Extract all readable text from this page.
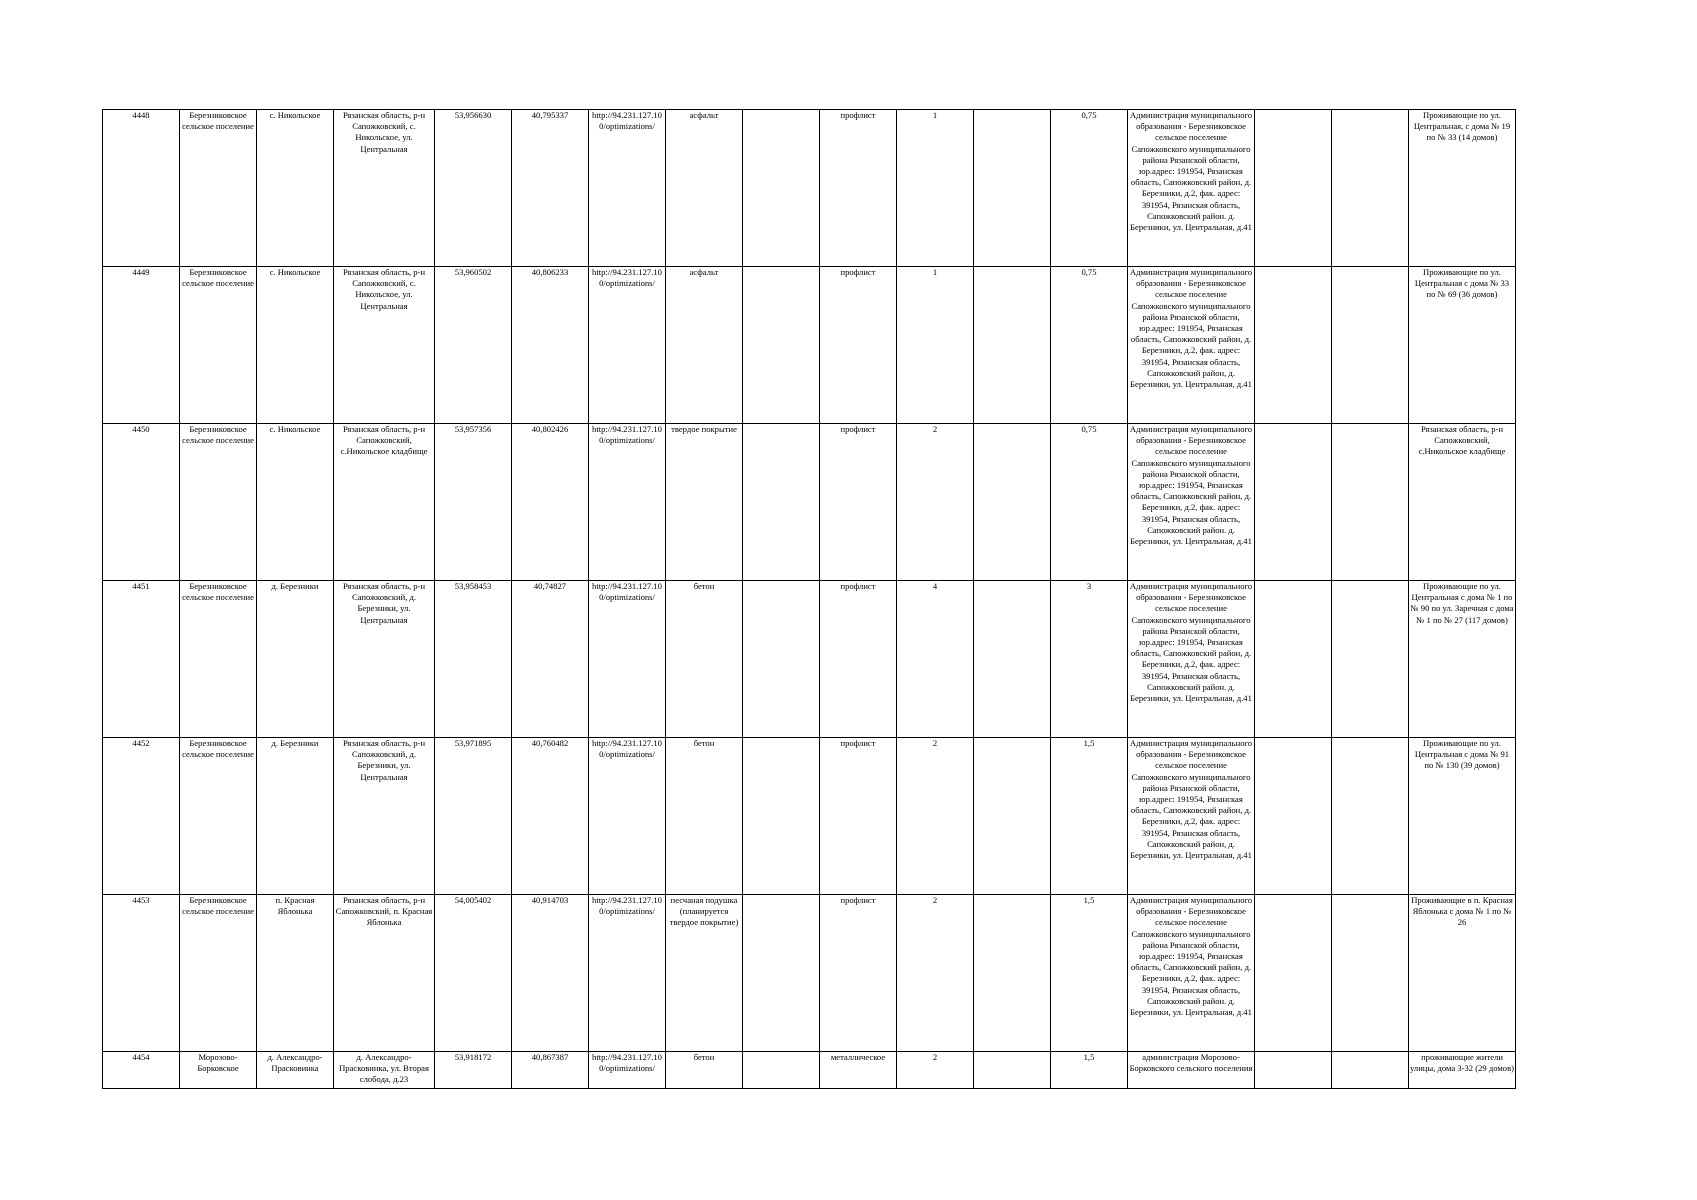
4448	Березниковское сельское поселение	с. Никольское	Рязанская область, р-н Сапожковский, с. Никольское, ул. Центральная	53,956630	40,795337	http://94.231.127.10 0/optimizations/	асфальт		профлист	1		0,75	Администрация муниципального образования - Березниковское сельское поселение Сапожковского муниципального района Рязанской области, юр.адрес: 191954, Рязанская область, Сапожковский район, д. Березники, д.2, фак. адрес: 391954, Рязанская область, Сапожковский район. д. Березники, ул. Центральная, д.41			Проживающие по ул. Центральная, с дома № 19 по № 33 (14 домов)
4449	Березниковское сельское поселение	с. Никольское	Рязанская область, р-н Сапожковский, с. Никольское, ул. Центральная	53,960502	40,806233	http://94.231.127.10 0/optimizations/	асфальт		профлист	1		0,75	Администрация муниципального образования - Березниковское сельское поселение Сапожковского муниципального района Рязанской области, юр.адрес: 191954, Рязанская область, Сапожковский район, д. Березники, д.2, фак. адрес: 391954, Рязанская область, Сапожковский район, д. Березники, ул. Центральная, д.41			Проживающие по ул. Центральная с дома № 33 по № 69 (36 домов)
4450	Березниковское сельское поселение	с. Никольское	Рязанская область, р-н Сапожковский, с.Никольское кладбище	53,957356	40,802426	http://94.231.127.10 0/optimizations/	твердое покрытие		профлист	2		0,75	Администрация муниципального образования - Березниковское сельское поселение Сапожковского муниципального района Рязанской области, юр.адрес: 191954, Рязанская область, Сапожковский район, д. Березники, д.2, фак. адрес: 391954, Рязанская область, Сапожковский район. д. Березники, ул. Центральная, д.41			Рязанская область, р-н Сапожковский, с.Никольское кладбище
4451	Березниковское сельское поселение	д. Березники	Рязанская область, р-н Сапожковский, д. Березники, ул. Центральная	53,958453	40,74827	http://94.231.127.10 0/optimizations/	бетон		профлист	4		3	Администрация муниципального образования - Березниковское сельское поселение Сапожковского муниципального района Рязанской области, юр.адрес: 191954, Рязанская область, Сапожковский район, д. Березники, д.2, фак. адрес: 391954, Рязанская область, Сапожковский район. д. Березники, ул. Центральная, д.41			Проживающие по ул. Центральная с дома № 1 по № 90 по ул. Заречная с дома № 1 по № 27 (117 домов)
4452	Березниковское сельское поселение	д. Березники	Рязанская область, р-н Сапожковский, д. Березники, ул. Центральная	53,971895	40,760482	http://94.231.127.10 0/optimizations/	бетон		профлист	2		1,5	Администрация муниципального образования - Березниковское сельское поселение Сапожковского муниципального района Рязанской области, юр.адрес: 191954, Рязанская область, Сапожковский район, д. Березники, д.2, фак. адрес: 391954, Рязанская область, Сапожковский район, д. Березники, ул. Центральная, д.41			Проживающие по ул. Центральная с дома № 91 по № 130 (39 домов)
4453	Березниковское сельское поселение	п. Красная Яблонька	Рязанская область, р-н Сапожковский, п. Красная Яблонька	54,005402	40,914703	http://94.231.127.10 0/optimizations/	песчаная подушка (планируется твердое покрытие)		профлист	2		1,5	Администрация муниципального образования - Березниковское сельское поселение Сапожковского муниципального района Рязанской области, юр.адрес: 191954, Рязанская область, Сапожковский район, д. Березники, д.2, фак. адрес: 391954, Рязанская область, Сапожковский район. д. Березники, ул. Центральная, д.41			Проживающие в п. Красная Яблонька с дома № 1 по № 26
4454	Морозово-Борковское	д. Александро-Прасковинка	д. Александро-Прасковинка, ул. Вторая слобода, д.23	53,918172	40,867387	http://94.231.127.10 0/optimizations/	бетон		металлическое	2		1,5	администрация Морозово-Борковского сельского поселения			проживающие жители улицы, дома 3-32 (29 домов)
